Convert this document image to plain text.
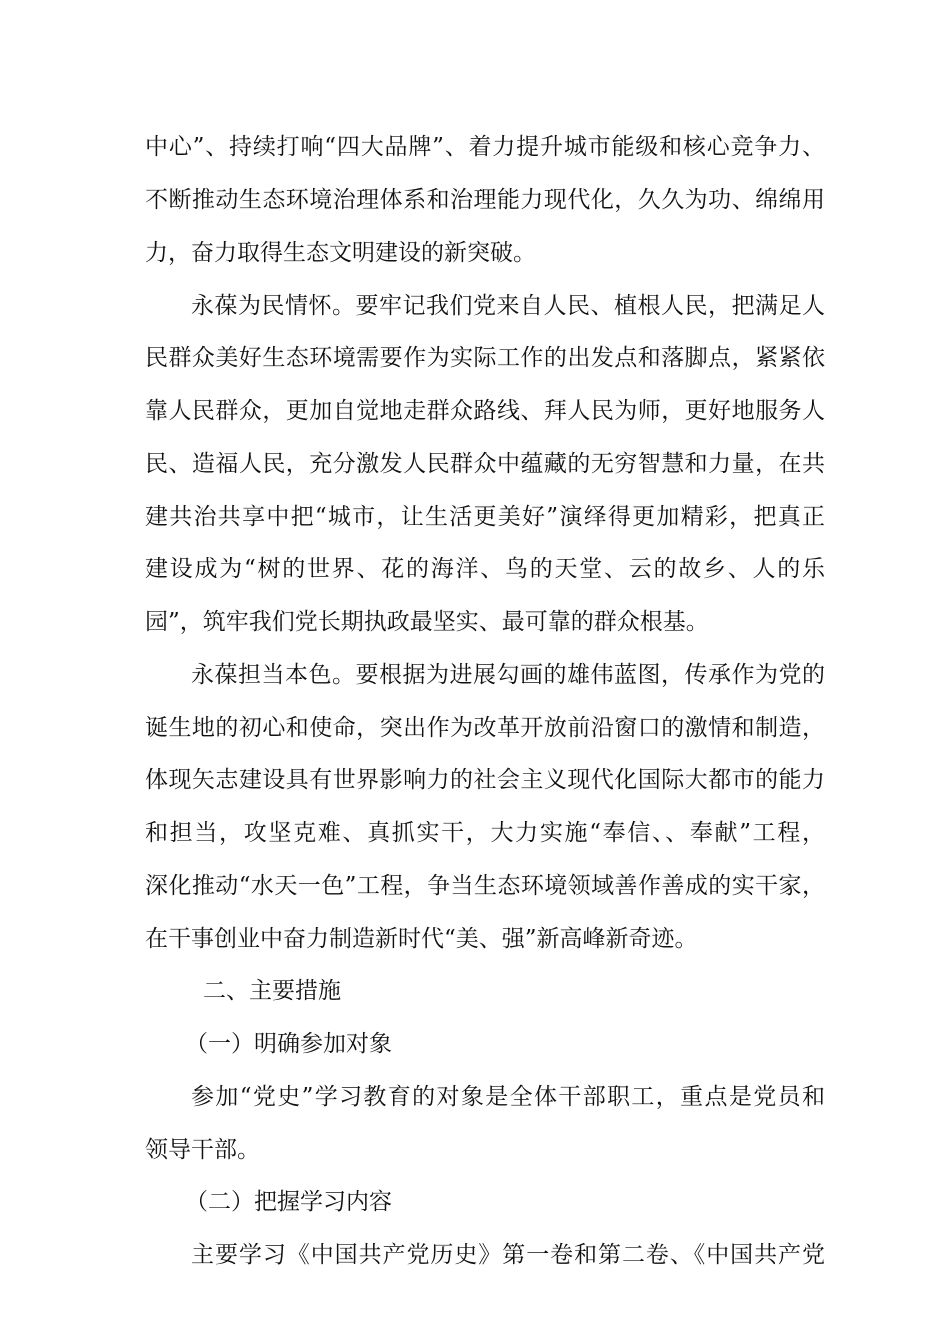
中心”、持续打响“四大品牌”、着力提升城市能级和核心竞争力、
不断推动生态环境治理体系和治理能力现代化，久久为功、绵绵用
力，奋力取得生态文明建设的新突破。
永葆为民情怀。要牢记我们党来自人民、植根人民，把满足人
民群众美好生态环境需要作为实际工作的出发点和落脚点，紧紧依
靠人民群众，更加自觉地走群众路线、拜人民为师，更好地服务人
民、造福人民，充分激发人民群众中蕴藏的无穷智慧和力量，在共
建共治共享中把“城市，让生活更美好”演绎得更加精彩，把真正
建设成为“树的世界、花的海洋、鸟的天堂、云的故乡、人的乐
园”，筑牢我们党长期执政最坚实、最可靠的群众根基。
永葆担当本色。要根据为进展勾画的雄伟蓝图，传承作为党的
诞生地的初心和使命，突出作为改革开放前沿窗口的激情和制造，
体现矢志建设具有世界影响力的社会主义现代化国际大都市的能力
和担当，攻坚克难、真抓实干，大力实施“奉信、、奉献”工程，
深化推动“水天一色”工程，争当生态环境领域善作善成的实干家，
在干事创业中奋力制造新时代“美、强”新高峰新奇迹。
二、主要措施
（一）明确参加对象
参加“党史”学习教育的对象是全体干部职工，重点是党员和
领导干部。
（二）把握学习内容
主要学习《中国共产党历史》第一卷和第二卷、《中国共产党
